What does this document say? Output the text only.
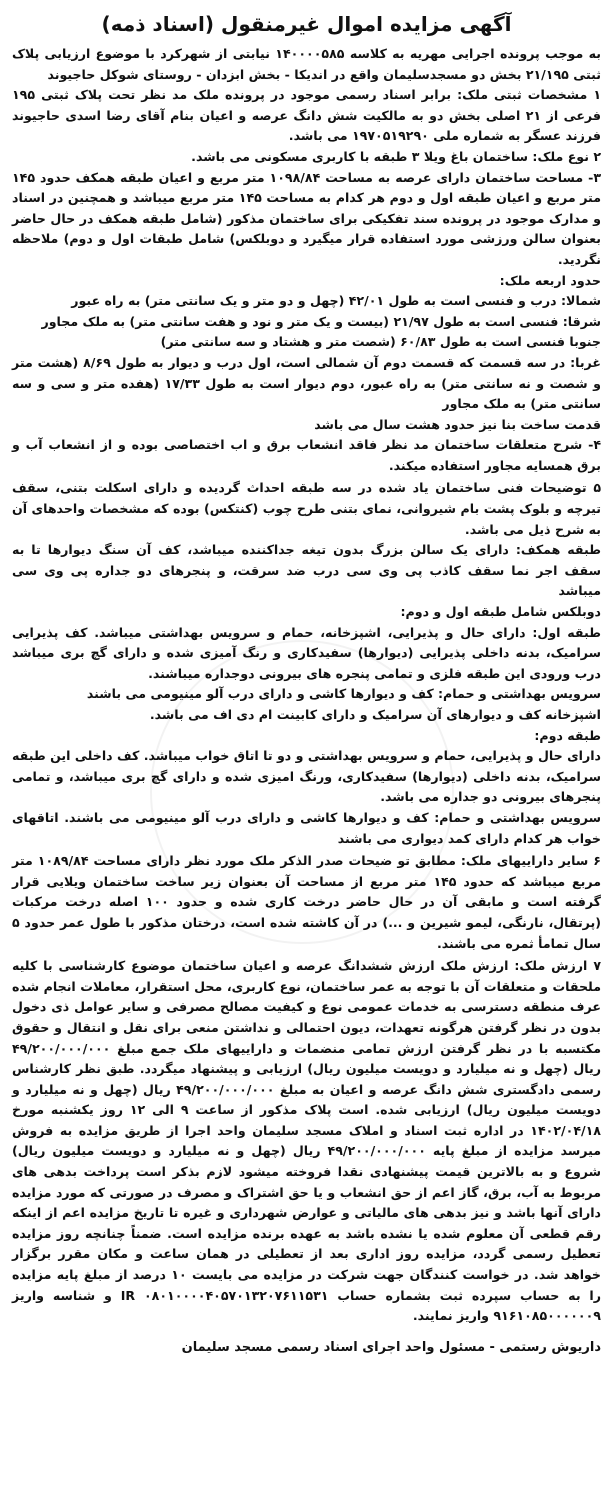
آگهی مزایده اموال غیرمنقول (اسناد ذمه)

به موجب پرونده اجرایی مهریه به کلاسه ۱۴۰۰۰۰۵۸۵ نیابتی از شهرکرد با موضوع ارزیابی پلاک ثبتی ۲۱/۱۹۵ بخش دو مسجدسلیمان واقع در اندیکا - بخش ابزدان - روستای شوکل حاجیوند

۱ مشخصات ثبتی ملک: برابر اسناد رسمی موجود در پرونده ملک مد نظر تحت پلاک ثبتی ۱۹۵ فرعی از ۲۱ اصلی بخش دو به مالکیت شش دانگ عرصه و اعیان بنام آقای رضا اسدی حاجیوند فرزند عسگر به شماره ملی ۱۹۷۰۵۱۹۲۹۰ می باشد.

۲ نوع ملک: ساختمان باغ ویلا ۳ طبقه با کاربری مسکونی می باشد.

۳- مساحت ساختمان دارای عرصه به مساحت ۱۰۹۸/۸۴ متر مربع و اعیان طبقه همکف حدود ۱۴۵ متر مربع و اعیان طبقه اول و دوم هر کدام به مساحت ۱۴۵ متر مربع میباشد و همچنین در اسناد و مدارک موجود در پرونده سند تفکیکی برای ساختمان مذکور (شامل طبقه همکف در حال حاضر بعنوان سالن ورزشی مورد استفاده قرار میگیرد و دوبلکس) شامل طبقات اول و دوم) ملاحظه نگردید.

حدود اربعه ملک:

شمالا: درب و فنسی است به طول ۴۲/۰۱ (چهل و دو متر و یک سانتی متر) به راه عبور

شرقا: فنسی است به طول ۲۱/۹۷ (بیست و یک متر و نود و هفت سانتی متر) به ملک مجاور

جنوبا فنسی است به طول ۶۰/۸۳ (شصت متر و هشتاد و سه سانتی متر)

غربا: در سه قسمت که قسمت دوم آن شمالی است، اول درب و دیوار به طول ۸/۶۹ (هشت متر و شصت و نه سانتی متر) به راه عبور، دوم دیوار است به طول ۱۷/۳۳ (هفده متر و سی و سه سانتی متر) به ملک مجاور

قدمت ساخت بنا نیز حدود هشت سال می باشد

۴- شرح متعلقات ساختمان مد نظر فاقد انشعاب برق و اب اختصاصی بوده و از انشعاب آب و برق همسایه مجاور استفاده میکند.

۵ توضیحات فنی ساختمان یاد شده در سه طبقه احداث گردیده و دارای اسکلت بتنی، سقف تیرچه و بلوک پشت بام شیروانی، نمای بتنی طرح چوب (کنتکس) بوده که مشخصات واحدهای آن به شرح ذیل می باشد.

طبقه همکف: دارای یک سالن بزرگ بدون تیغه جداکننده میباشد، کف آن سنگ دیوارها تا به سقف اجر نما سقف کاذب پی وی سی درب ضد سرقت، و پنجرهای دو جداره پی وی سی میباشد

دوبلکس شامل طبقه اول و دوم:

طبقه اول: دارای حال و پذیرایی، اشپزخانه، حمام و سرویس بهداشتی میباشد. کف پذیرایی سرامیک، بدنه داخلی پذیرایی (دیوارها) سفیدکاری و رنگ آمیزی شده و دارای گچ بری میباشد درب ورودی این طبقه فلزی و تمامی پنجره های بیرونی دوجداره میباشند.

سرویس بهداشتی و حمام: کف و دیوارها کاشی و دارای درب آلو مینیومی می باشند

اشپزخانه کف و دیوارهای آن سرامیک و دارای کابینت ام دی اف می باشد.

طبقه دوم:

دارای حال و پذیرایی، حمام و سرویس بهداشتی و دو تا اتاق خواب میباشد. کف داخلی این طبقه سرامیک، بدنه داخلی (دیوارها) سفیدکاری، ورنگ امیزی شده و دارای گچ بری میباشد، و تمامی پنجرهای بیرونی دو جداره می باشد.

سرویس بهداشتی و حمام: کف و دیوارها کاشی و دارای درب آلو مینیومی می باشند. اتاقهای خواب هر کدام دارای کمد دیواری می باشند

۶ سایر داراییهای ملک: مطابق تو ضیحات صدر الذکر ملک مورد نظر دارای مساحت ۱۰۸۹/۸۴ متر مربع میباشد که حدود ۱۴۵ متر مربع از مساحت آن بعنوان زیر ساخت ساختمان ویلایی قرار گرفته است و مابقی آن در حال حاضر درخت کاری شده و حدود ۱۰۰ اصله درخت مرکبات (پرتقال، نارنگی، لیمو شیرین و ...) در آن کاشته شده است، درختان مذکور با طول عمر حدود ۵ سال تمامأ ثمره می باشند.

۷ ارزش ملک: ارزش ملک ارزش ششدانگ عرصه و اعیان ساختمان موضوع کارشناسی با کلیه ملحقات و متعلقات آن با توجه به عمر ساختمان، نوع کاربری، محل استقرار، معاملات انجام شده عرف منطقه دسترسی به خدمات عمومی نوع و کیفیت مصالح مصرفی و سایر عوامل ذی دخول بدون در نظر گرفتن هرگونه تعهدات، دیون احتمالی و نداشتن منعی برای نقل و انتقال و حقوق مکتسبه با در نظر گرفتن ارزش تمامی منضمات و داراییهای ملک جمع مبلغ ۴۹/۲۰۰/۰۰۰/۰۰۰ ریال (چهل و نه میلیارد و دویست میلیون ریال) ارزیابی و پیشنهاد میگردد. طبق نظر کارشناس رسمی دادگستری شش دانگ عرصه و اعیان به مبلغ ۴۹/۲۰۰/۰۰۰/۰۰۰ ریال (چهل و نه میلیارد و دویست میلیون ریال) ارزیابی شده. است پلاک مذکور از ساعت ۹ الی ۱۲ روز یکشنبه مورخ ۱۴۰۲/۰۴/۱۸ در اداره ثبت اسناد و املاک مسجد سلیمان واحد اجرا از طریق مزایده به فروش میرسد مزایده از مبلغ پایه ۴۹/۲۰۰/۰۰۰/۰۰۰ ریال (چهل و نه میلیارد و دویست میلیون ریال) شروع و به بالاترین قیمت پیشنهادی نقدا فروخته میشود لازم بذکر است پرداخت بدهی های مربوط به آب، برق، گاز اعم از حق انشعاب و یا حق اشتراک و مصرف در صورتی که مورد مزایده دارای آنها باشد و نیز بدهی های مالیاتی و عوارض شهرداری و غیره تا تاریخ مزایده اعم از اینکه رقم قطعی آن معلوم شده یا نشده باشد به عهده برنده مزایده است. ضمناً چنانچه روز مزایده تعطیل رسمی گردد، مزایده روز اداری بعد از تعطیلی در همان ساعت و مکان مقرر برگزار خواهد شد. در خواست کنندگان جهت شرکت در مزایده می بایست ۱۰ درصد از مبلغ پایه مزایده را به حساب سپرده ثبت بشماره حساب IR ۰۸۰۱۰۰۰۰۴۰۵۷۰۱۳۲۰۷۶۱۱۵۳۱ و شناسه واریز ۹۱۶۱۰۸۵۰۰۰۰۰۰۹ واریز نمایند.

داریوش رستمی - مسئول واحد اجرای اسناد رسمی مسجد سلیمان
